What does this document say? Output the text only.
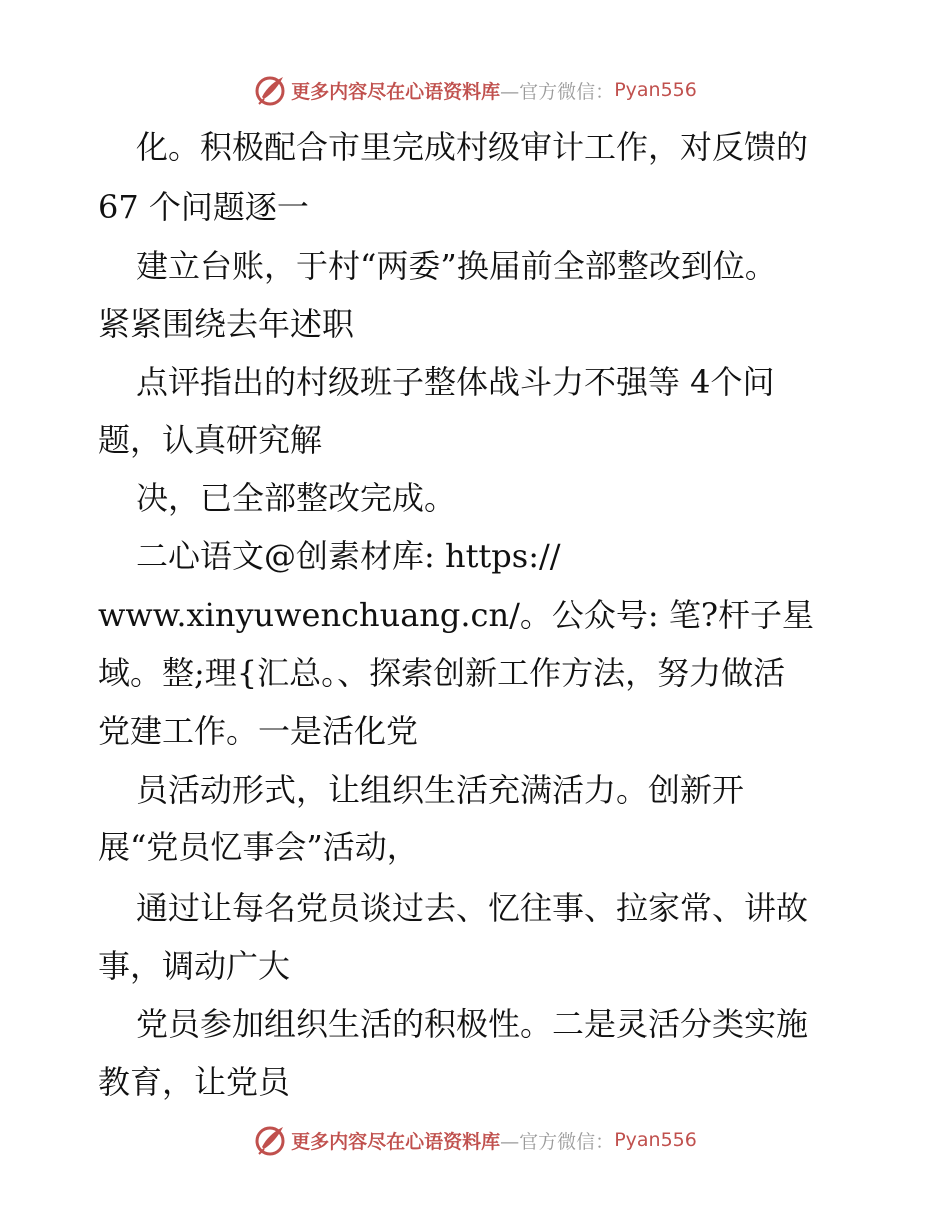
更多内容尽在心语资料库 —官方微信： Pyan556
化。积极配合市里完成村级审计工作，对反馈的
67 个问题逐一
建立台账，于村“两委”换届前全部整改到位。
紧紧围绕去年述职
点评指出的村级班子整体战斗力不强等 4个问
题，认真研究解
决，已全部整改完成。
二心语文@创素材库: https://
www.xinyuwenchuang.cn/。公众号: 笔?杆子星
域。整;理{汇总。、探索创新工作方法，努力做活
党建工作。一是活化党
员活动形式，让组织生活充满活力。创新开
展“党员忆事会”活动，
通过让每名党员谈过去、忆往事、拉家常、讲故
事，调动广大
党员参加组织生活的积极性。二是灵活分类实施
教育，让党员
更多内容尽在心语资料库 —官方微信： Pyan556
